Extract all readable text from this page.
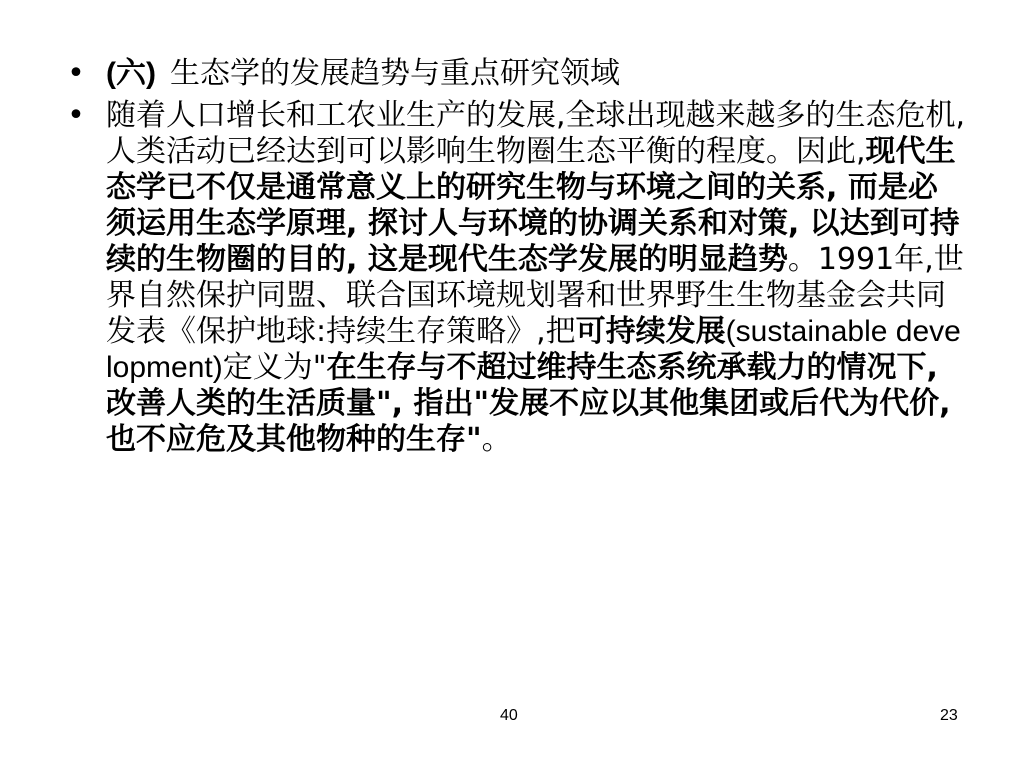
• (六) 生态学的发展趋势与重点研究领域
• 随着人口增长和工农业生产的发展,全球出现越来越多的生态危机,人类活动已经达到可以影响生物圈生态平衡的程度。因此,现代生态学已不仅是通常意义上的研究生物与环境之间的关系, 而是必须运用生态学原理, 探讨人与环境的协调关系和对策, 以达到可持续的生物圈的目的, 这是现代生态学发展的明显趋势。1991年,世界自然保护同盟、联合国环境规划署和世界野生生物基金会共同发表《保护地球:持续生存策略》,把可持续发展(sustainable development)定义为"在生存与不超过维持生态系统承载力的情况下, 改善人类的生活质量", 指出"发展不应以其他集团或后代为代价, 也不应危及其他物种的生存"。
40	23
